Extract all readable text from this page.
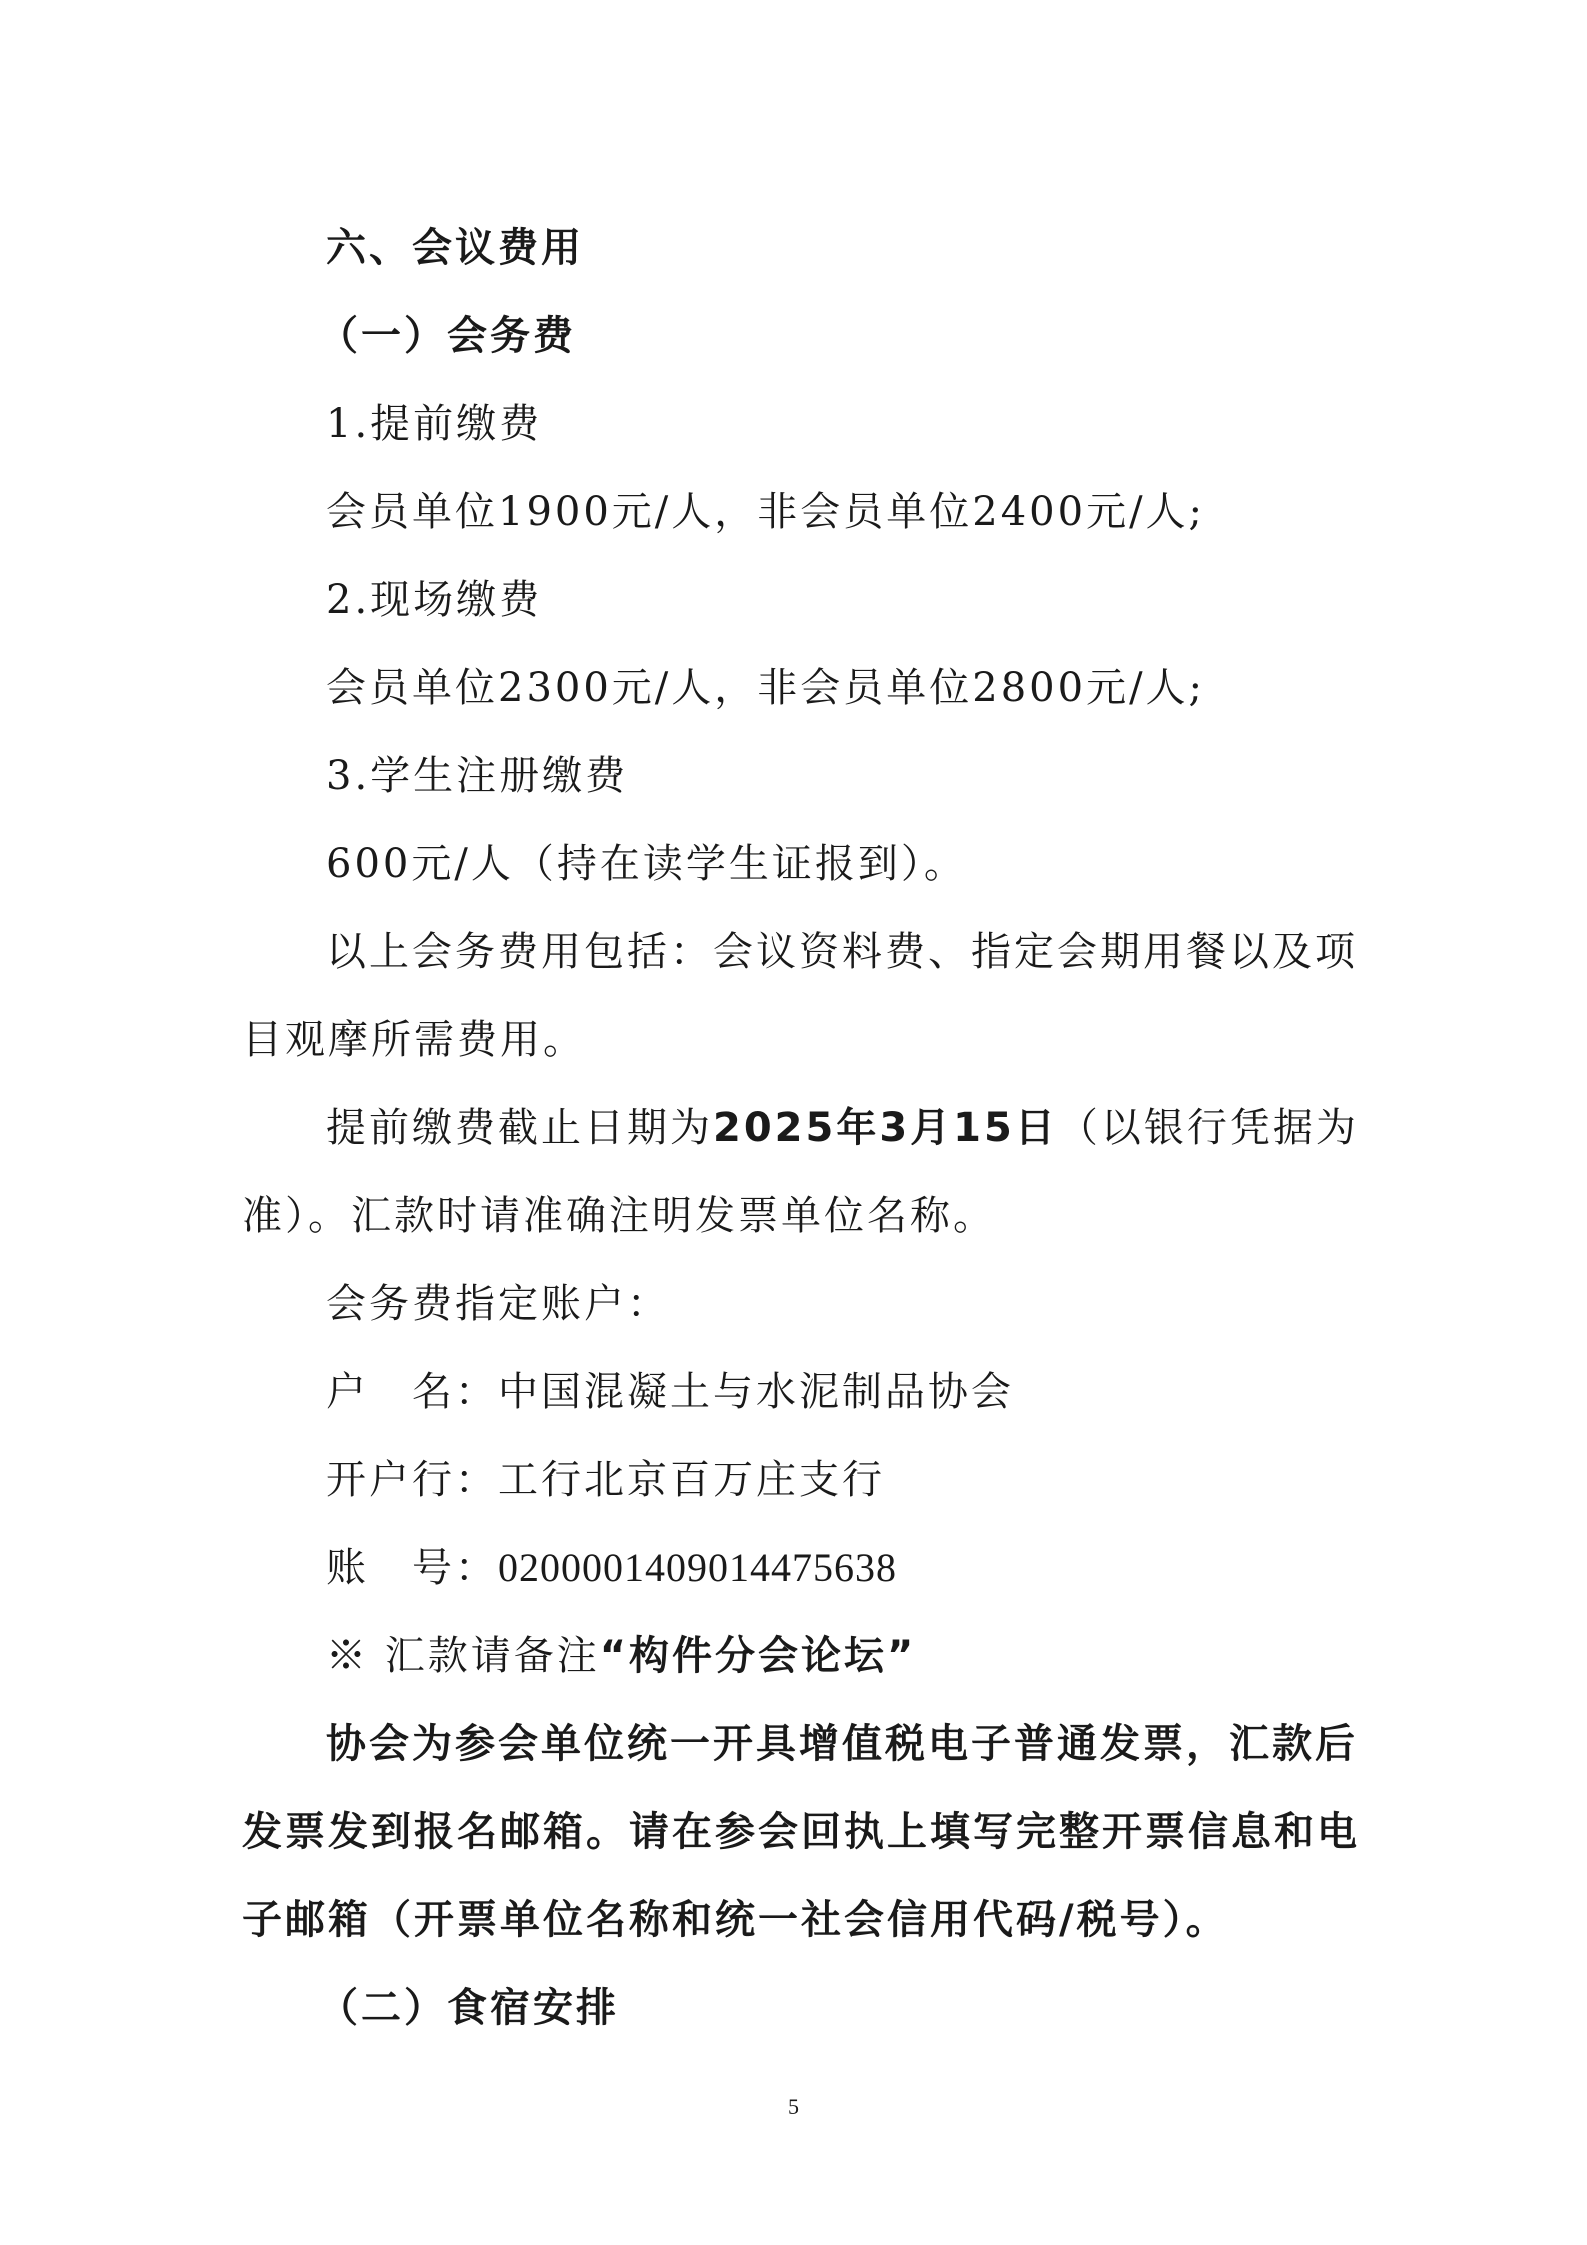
六、会议费用
（一）会务费
1.提前缴费
会员单位1900元/人，非会员单位2400元/人;
2.现场缴费
会员单位2300元/人，非会员单位2800元/人;
3.学生注册缴费
600元/人（持在读学生证报到）。
以上会务费用包括：会议资料费、指定会期用餐以及项
目观摩所需费用。
提前缴费截止日期为2025年3月15日（以银行凭据为
准）。汇款时请准确注明发票单位名称。
会务费指定账户：
户　名：中国混凝土与水泥制品协会
开户行：工行北京百万庄支行
账　号：0200001409014475638
※ 汇款请备注“构件分会论坛”
协会为参会单位统一开具增值税电子普通发票，汇款后
发票发到报名邮箱。请在参会回执上填写完整开票信息和电
子邮箱（开票单位名称和统一社会信用代码/税号）。
（二）食宿安排
5
